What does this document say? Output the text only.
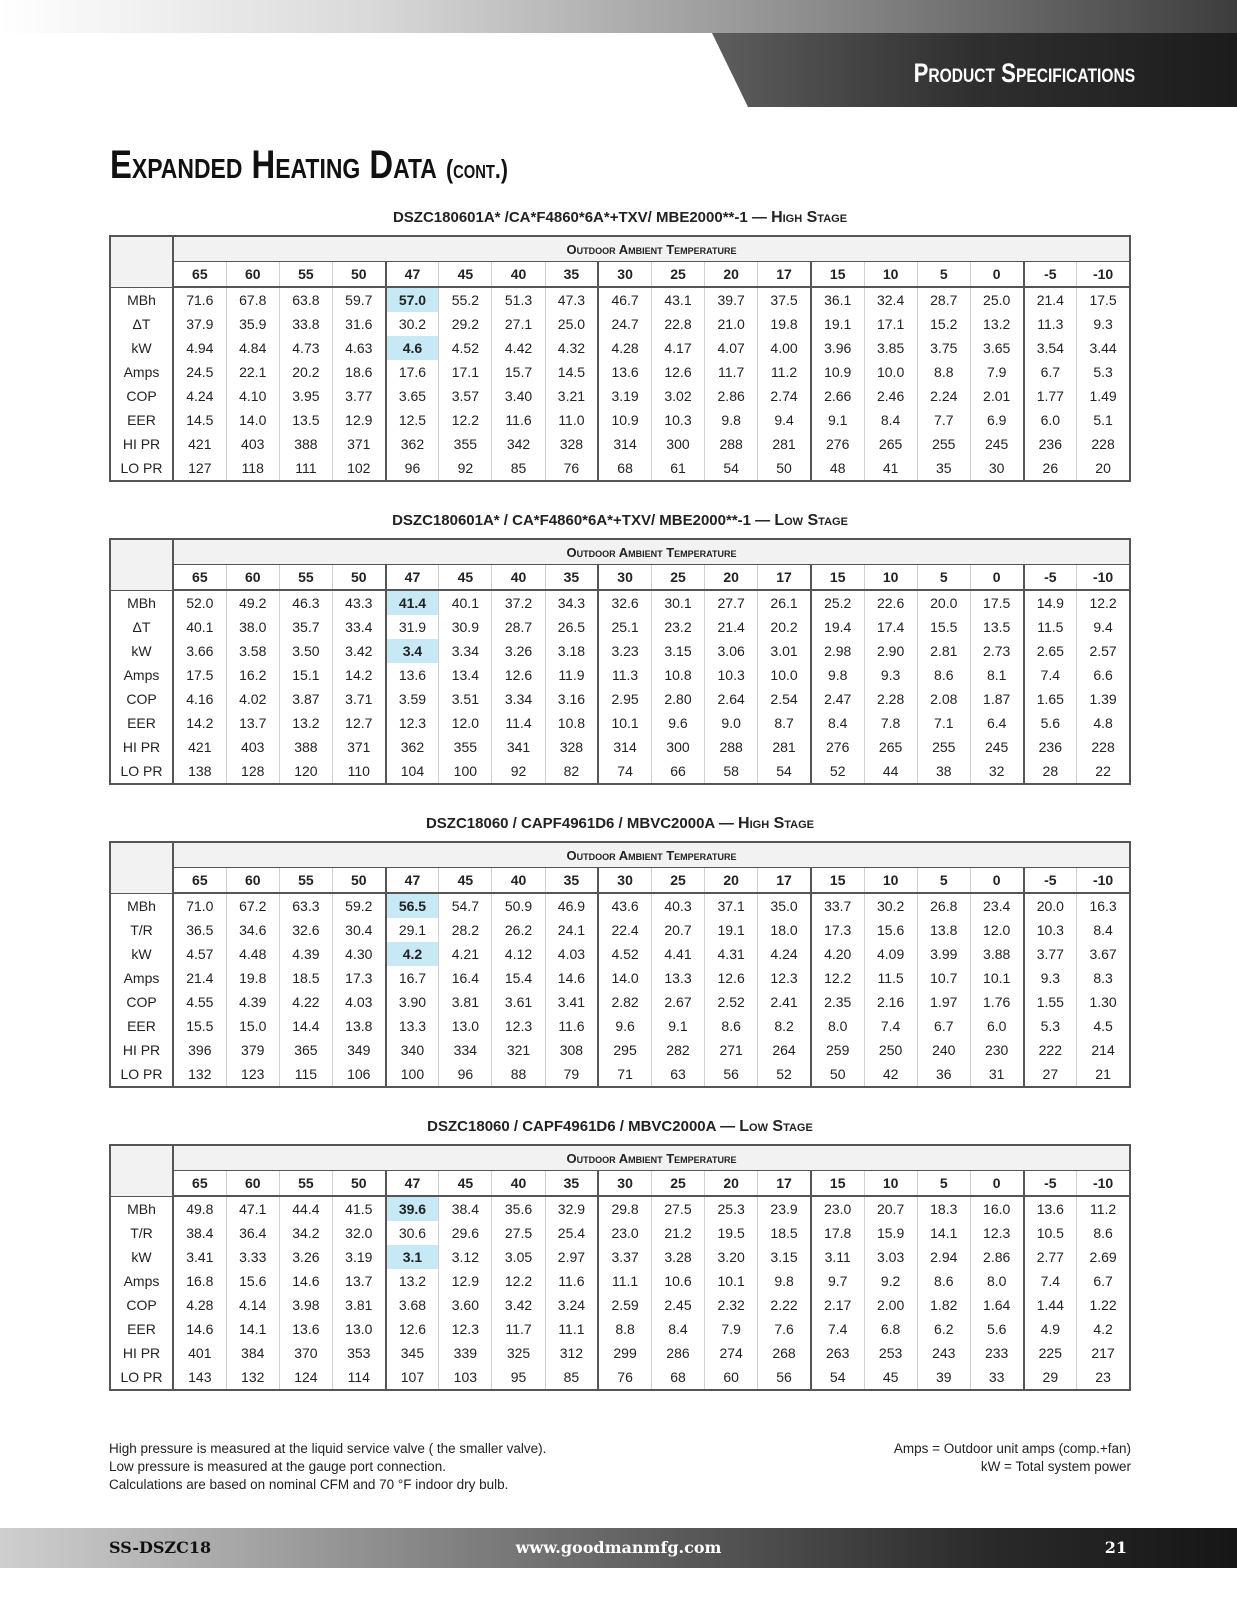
Product Specifications
Expanded Heating Data (cont.)
DSZC180601A* /CA*F4860*6A*+TXV/ MBE2000**-1 — High Stage
	Outdoor Ambient Temperature																	
	65	60	55	50	47	45	40	35	30	25	20	17	15	10	5	0	-5	-10
MBh	71.6	67.8	63.8	59.7	57.0	55.2	51.3	47.3	46.7	43.1	39.7	37.5	36.1	32.4	28.7	25.0	21.4	17.5
ΔT	37.9	35.9	33.8	31.6	30.2	29.2	27.1	25.0	24.7	22.8	21.0	19.8	19.1	17.1	15.2	13.2	11.3	9.3
kW	4.94	4.84	4.73	4.63	4.6	4.52	4.42	4.32	4.28	4.17	4.07	4.00	3.96	3.85	3.75	3.65	3.54	3.44
Amps	24.5	22.1	20.2	18.6	17.6	17.1	15.7	14.5	13.6	12.6	11.7	11.2	10.9	10.0	8.8	7.9	6.7	5.3
COP	4.24	4.10	3.95	3.77	3.65	3.57	3.40	3.21	3.19	3.02	2.86	2.74	2.66	2.46	2.24	2.01	1.77	1.49
EER	14.5	14.0	13.5	12.9	12.5	12.2	11.6	11.0	10.9	10.3	9.8	9.4	9.1	8.4	7.7	6.9	6.0	5.1
HI PR	421	403	388	371	362	355	342	328	314	300	288	281	276	265	255	245	236	228
LO PR	127	118	111	102	96	92	85	76	68	61	54	50	48	41	35	30	26	20
DSZC180601A* / CA*F4860*6A*+TXV/ MBE2000**-1 — Low Stage
	Outdoor Ambient Temperature																	
	65	60	55	50	47	45	40	35	30	25	20	17	15	10	5	0	-5	-10
MBh	52.0	49.2	46.3	43.3	41.4	40.1	37.2	34.3	32.6	30.1	27.7	26.1	25.2	22.6	20.0	17.5	14.9	12.2
ΔT	40.1	38.0	35.7	33.4	31.9	30.9	28.7	26.5	25.1	23.2	21.4	20.2	19.4	17.4	15.5	13.5	11.5	9.4
kW	3.66	3.58	3.50	3.42	3.4	3.34	3.26	3.18	3.23	3.15	3.06	3.01	2.98	2.90	2.81	2.73	2.65	2.57
Amps	17.5	16.2	15.1	14.2	13.6	13.4	12.6	11.9	11.3	10.8	10.3	10.0	9.8	9.3	8.6	8.1	7.4	6.6
COP	4.16	4.02	3.87	3.71	3.59	3.51	3.34	3.16	2.95	2.80	2.64	2.54	2.47	2.28	2.08	1.87	1.65	1.39
EER	14.2	13.7	13.2	12.7	12.3	12.0	11.4	10.8	10.1	9.6	9.0	8.7	8.4	7.8	7.1	6.4	5.6	4.8
HI PR	421	403	388	371	362	355	341	328	314	300	288	281	276	265	255	245	236	228
LO PR	138	128	120	110	104	100	92	82	74	66	58	54	52	44	38	32	28	22
DSZC18060 / CAPF4961D6 / MBVC2000A — High Stage
	Outdoor Ambient Temperature																	
	65	60	55	50	47	45	40	35	30	25	20	17	15	10	5	0	-5	-10
MBh	71.0	67.2	63.3	59.2	56.5	54.7	50.9	46.9	43.6	40.3	37.1	35.0	33.7	30.2	26.8	23.4	20.0	16.3
T/R	36.5	34.6	32.6	30.4	29.1	28.2	26.2	24.1	22.4	20.7	19.1	18.0	17.3	15.6	13.8	12.0	10.3	8.4
kW	4.57	4.48	4.39	4.30	4.2	4.21	4.12	4.03	4.52	4.41	4.31	4.24	4.20	4.09	3.99	3.88	3.77	3.67
Amps	21.4	19.8	18.5	17.3	16.7	16.4	15.4	14.6	14.0	13.3	12.6	12.3	12.2	11.5	10.7	10.1	9.3	8.3
COP	4.55	4.39	4.22	4.03	3.90	3.81	3.61	3.41	2.82	2.67	2.52	2.41	2.35	2.16	1.97	1.76	1.55	1.30
EER	15.5	15.0	14.4	13.8	13.3	13.0	12.3	11.6	9.6	9.1	8.6	8.2	8.0	7.4	6.7	6.0	5.3	4.5
HI PR	396	379	365	349	340	334	321	308	295	282	271	264	259	250	240	230	222	214
LO PR	132	123	115	106	100	96	88	79	71	63	56	52	50	42	36	31	27	21
DSZC18060 / CAPF4961D6 / MBVC2000A — Low Stage
	Outdoor Ambient Temperature																	
	65	60	55	50	47	45	40	35	30	25	20	17	15	10	5	0	-5	-10
MBh	49.8	47.1	44.4	41.5	39.6	38.4	35.6	32.9	29.8	27.5	25.3	23.9	23.0	20.7	18.3	16.0	13.6	11.2
T/R	38.4	36.4	34.2	32.0	30.6	29.6	27.5	25.4	23.0	21.2	19.5	18.5	17.8	15.9	14.1	12.3	10.5	8.6
kW	3.41	3.33	3.26	3.19	3.1	3.12	3.05	2.97	3.37	3.28	3.20	3.15	3.11	3.03	2.94	2.86	2.77	2.69
Amps	16.8	15.6	14.6	13.7	13.2	12.9	12.2	11.6	11.1	10.6	10.1	9.8	9.7	9.2	8.6	8.0	7.4	6.7
COP	4.28	4.14	3.98	3.81	3.68	3.60	3.42	3.24	2.59	2.45	2.32	2.22	2.17	2.00	1.82	1.64	1.44	1.22
EER	14.6	14.1	13.6	13.0	12.6	12.3	11.7	11.1	8.8	8.4	7.9	7.6	7.4	6.8	6.2	5.6	4.9	4.2
HI PR	401	384	370	353	345	339	325	312	299	286	274	268	263	253	243	233	225	217
LO PR	143	132	124	114	107	103	95	85	76	68	60	56	54	45	39	33	29	23
High pressure is measured at the liquid service valve ( the smaller valve).
Low pressure is measured at the gauge port connection.
Calculations are based on nominal CFM and 70 °F indoor dry bulb.
Amps = Outdoor unit amps (comp.+fan)
kW = Total system power
SS-DSZC18	www.goodmanmfg.com	21
